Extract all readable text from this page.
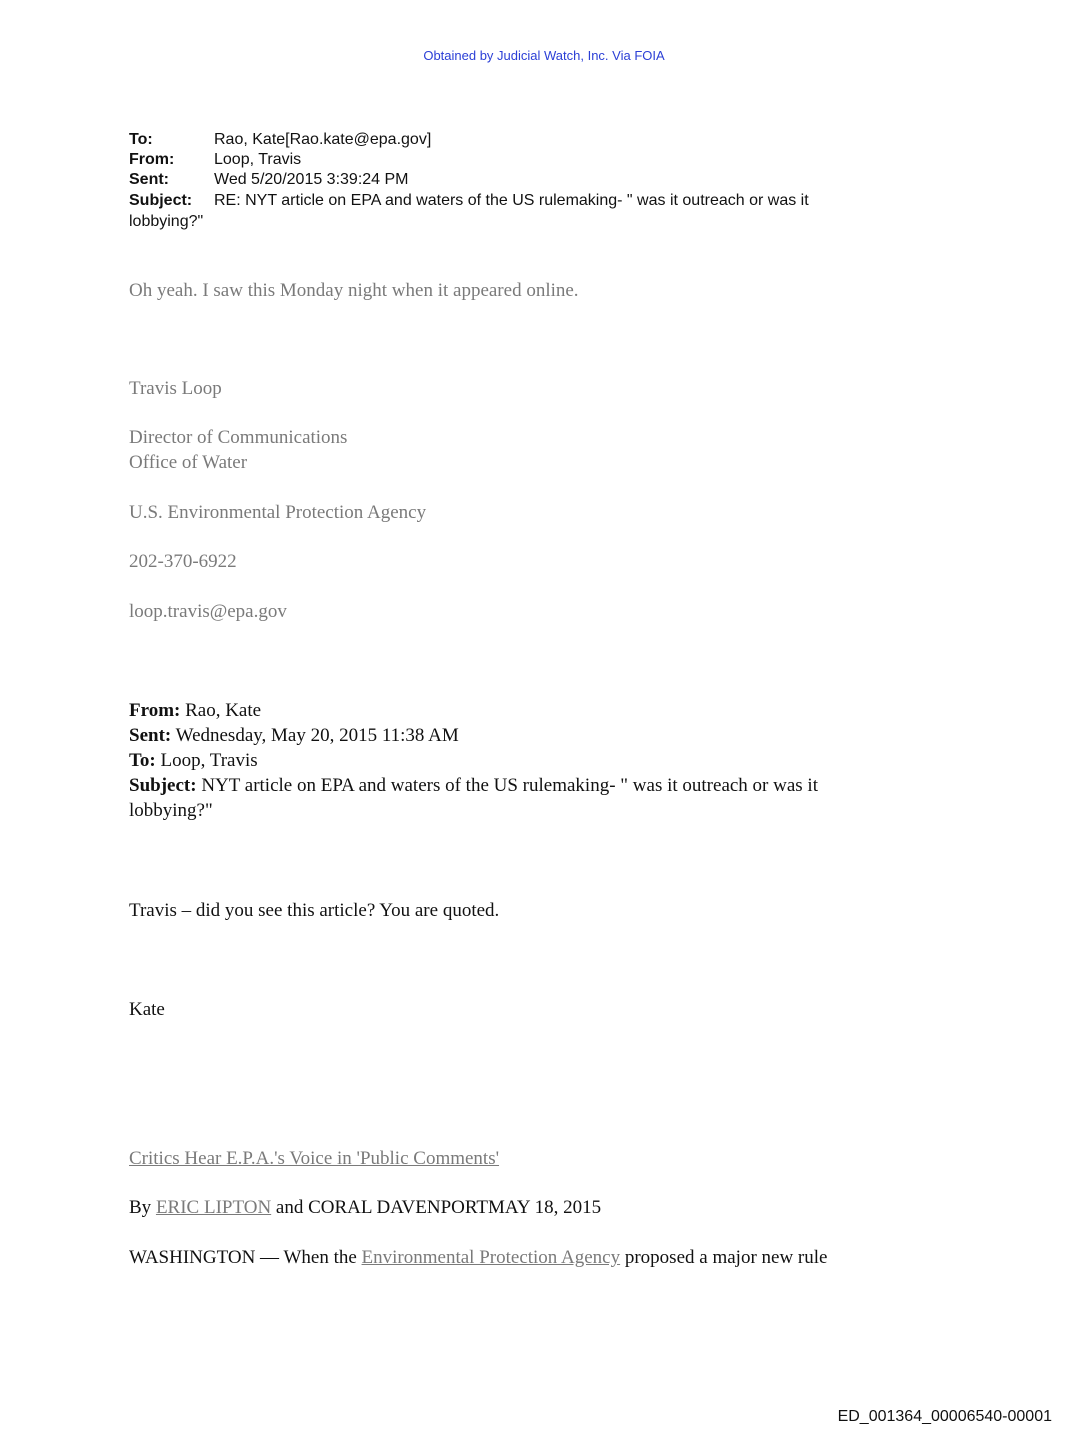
Obtained by Judicial Watch, Inc. Via FOIA
To:	Rao, Kate[Rao.kate@epa.gov]
From: Loop, Travis
Sent:	Wed 5/20/2015 3:39:24 PM
Subject: RE: NYT article on EPA and waters of the US rulemaking- " was it outreach or was it
lobbying?"
Oh yeah. I saw this Monday night when it appeared online.
Travis Loop
Director of Communications
Office of Water
U.S. Environmental Protection Agency
202-370-6922
loop.travis@epa.gov
From: Rao, Kate
Sent: Wednesday, May 20, 2015 11:38 AM
To: Loop, Travis
Subject: NYT article on EPA and waters of the US rulemaking- " was it outreach or was it
lobbying?"
Travis – did you see this article? You are quoted.
Kate
Critics Hear E.P.A.'s Voice in 'Public Comments'
By ERIC LIPTON and CORAL DAVENPORTMAY 18, 2015
WASHINGTON — When the Environmental Protection Agency proposed a major new rule
ED_001364_00006540-00001
